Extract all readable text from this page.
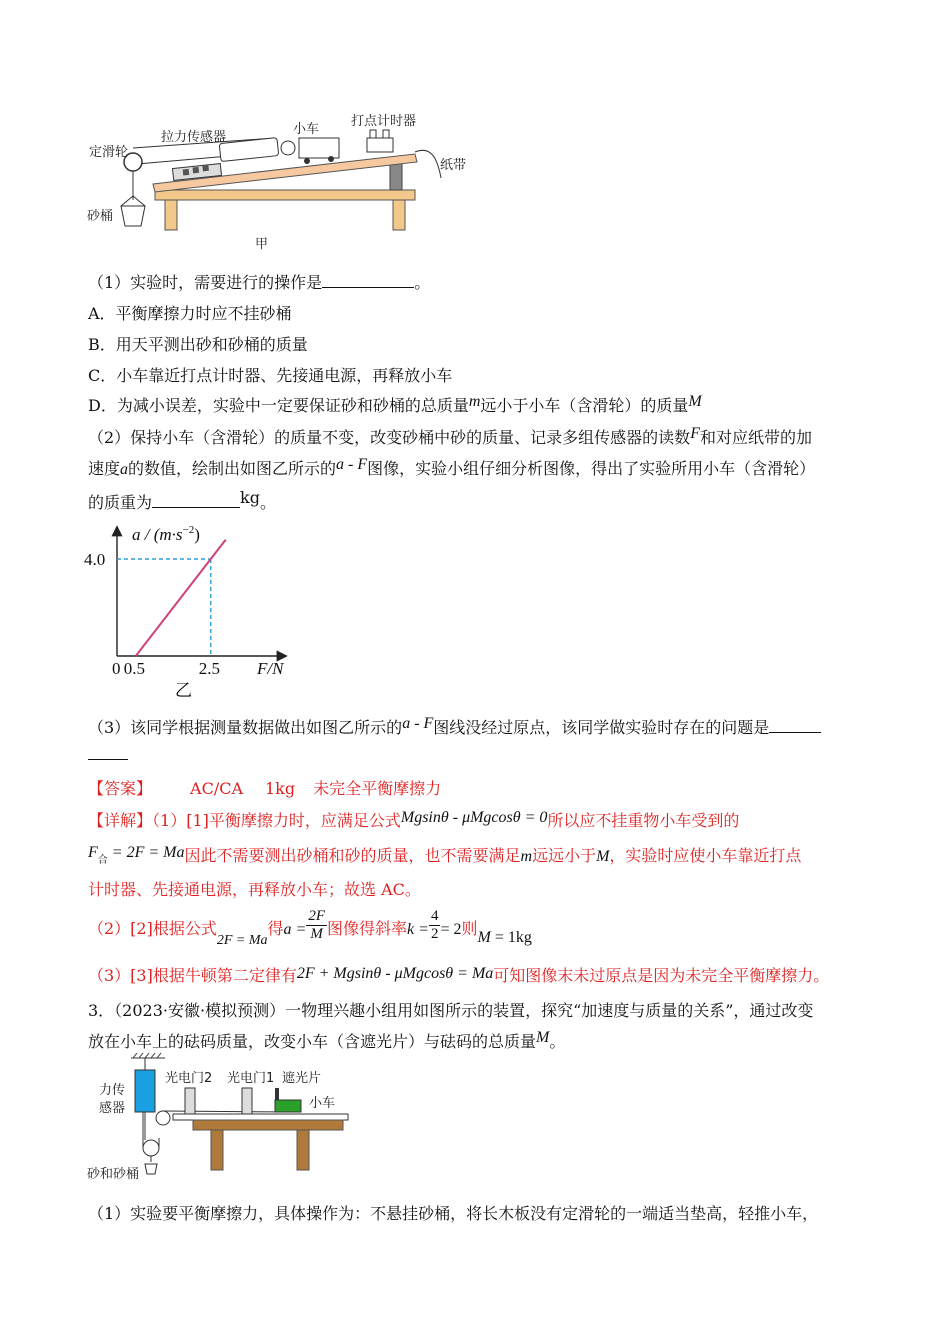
定滑轮
拉力传感器
小车
打点计时器
纸带
砂桶
甲
（1）实验时，需要进行的操作是	。
A．平衡摩擦力时应不挂砂桶
B．用天平测出砂和砂桶的质量
C．小车靠近打点计时器、先接通电源，再释放小车
D．为减小误差，实验中一定要保证砂和砂桶的总质量m远小于小车（含滑轮）的质量M
（2）保持小车（含滑轮）的质量不变，改变砂桶中砂的质量、记录多组传感器的读数F和对应纸带的加
速度a的数值，绘制出如图乙所示的a - F图像，实验小组仔细分析图像，得出了实验所用小车（含滑轮）
的质重为	kg。
0.5	2.5
4.0
$a / (m\cdot s^{-2})$
F/N
0
乙
（3）该同学根据测量数据做出如图乙所示的a - F图线没经过原点，该同学做实验时存在的问题是
【答案】 AC/CA 1kg 未完全平衡摩擦力
【详解】（1）[1]平衡摩擦力时，应满足公式Mgsinθ - μMgcosθ = 0所以应不挂重物小车受到的
F合 = 2F = Ma因此不需要测出砂桶和砂的质量，也不需要满足m远远小于M，实验时应使小车靠近打点
计时器、先接通电源，再释放小车；故选 AC。
（2）[2]根据公式2F = Ma得$a = \frac{2F}{M}$ 图像得斜率$k = \frac{4}{2} = 2$则M = 1kg
（3）[3]根据牛顿第二定律有2F + Mgsinθ - μMgcosθ = Ma可知图像末未过原点是因为未完全平衡摩擦力。
3．（2023·安徽·模拟预测）一物理兴趣小组用如图所示的装置，探究“加速度与质量的关系”，通过改变
放在小车上的砝码质量，改变小车（含遮光片）与砝码的总质量M。
力传
感器
光电门2 光电门1 遮光片
小车
砂和砂桶
（1）实验要平衡摩擦力，具体操作为：不悬挂砂桶，将长木板没有定滑轮的一端适当垫高，轻推小车，
